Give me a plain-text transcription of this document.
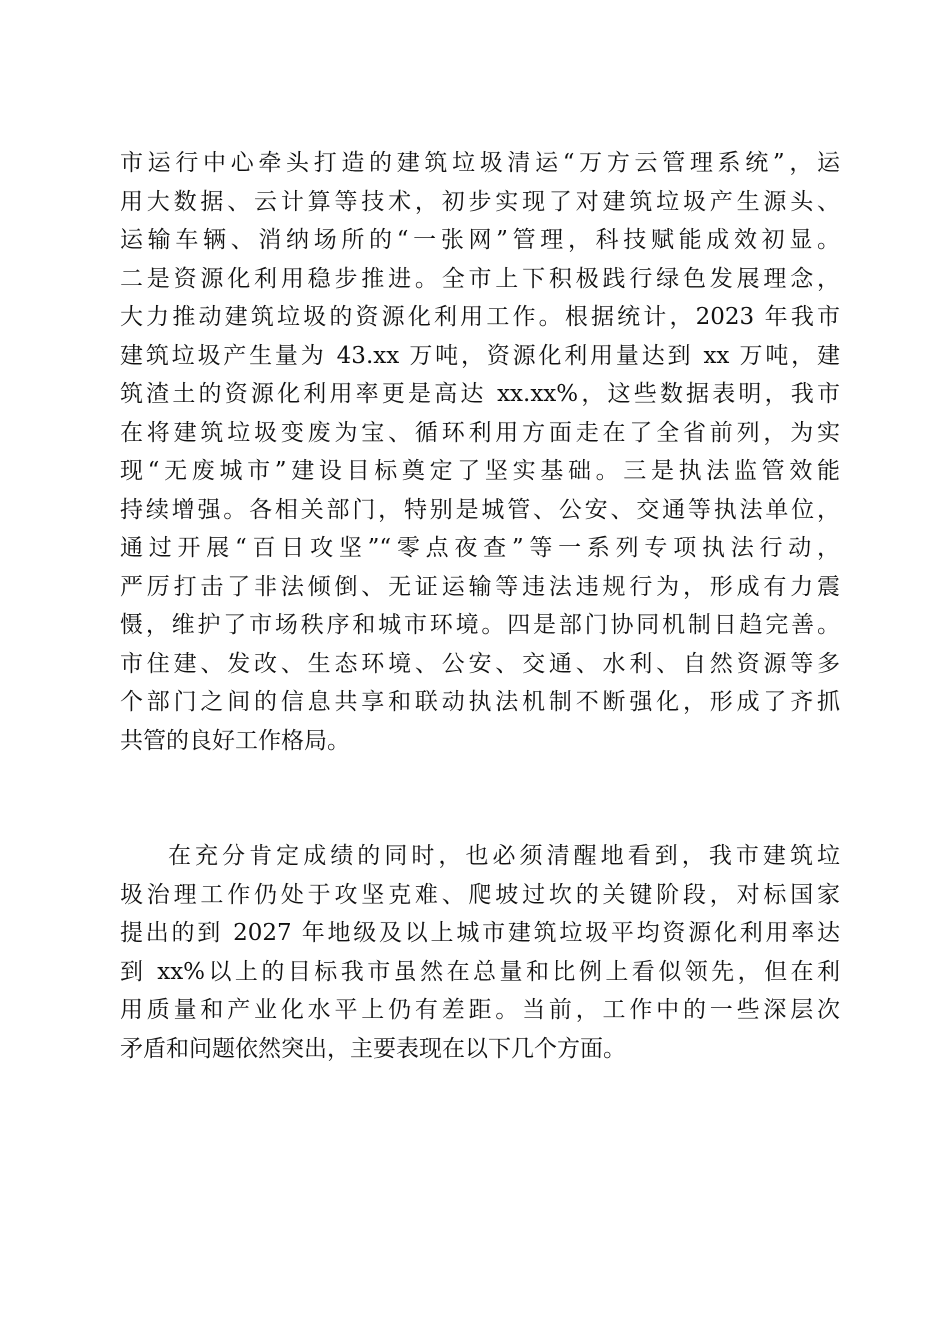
市运行中心牵头打造的建筑垃圾清运“万方云管理系统”，运
用大数据、云计算等技术，初步实现了对建筑垃圾产生源头、
运输车辆、消纳场所的“一张网”管理，科技赋能成效初显。
二是资源化利用稳步推进。全市上下积极践行绿色发展理念，
大力推动建筑垃圾的资源化利用工作。根据统计，2023 年我市
建筑垃圾产生量为 43.xx 万吨，资源化利用量达到 xx 万吨，建
筑渣土的资源化利用率更是高达 xx.xx%，这些数据表明，我市
在将建筑垃圾变废为宝、循环利用方面走在了全省前列，为实
现“无废城市”建设目标奠定了坚实基础。三是执法监管效能
持续增强。各相关部门，特别是城管、公安、交通等执法单位，
通过开展“百日攻坚”“零点夜查”等一系列专项执法行动，
严厉打击了非法倾倒、无证运输等违法违规行为，形成有力震
慑，维护了市场秩序和城市环境。四是部门协同机制日趋完善。
市住建、发改、生态环境、公安、交通、水利、自然资源等多
个部门之间的信息共享和联动执法机制不断强化，形成了齐抓
共管的良好工作格局。
在充分肯定成绩的同时，也必须清醒地看到，我市建筑垃
圾治理工作仍处于攻坚克难、爬坡过坎的关键阶段，对标国家
提出的到 2027 年地级及以上城市建筑垃圾平均资源化利用率达
到 xx%以上的目标我市虽然在总量和比例上看似领先，但在利
用质量和产业化水平上仍有差距。当前，工作中的一些深层次
矛盾和问题依然突出，主要表现在以下几个方面。
